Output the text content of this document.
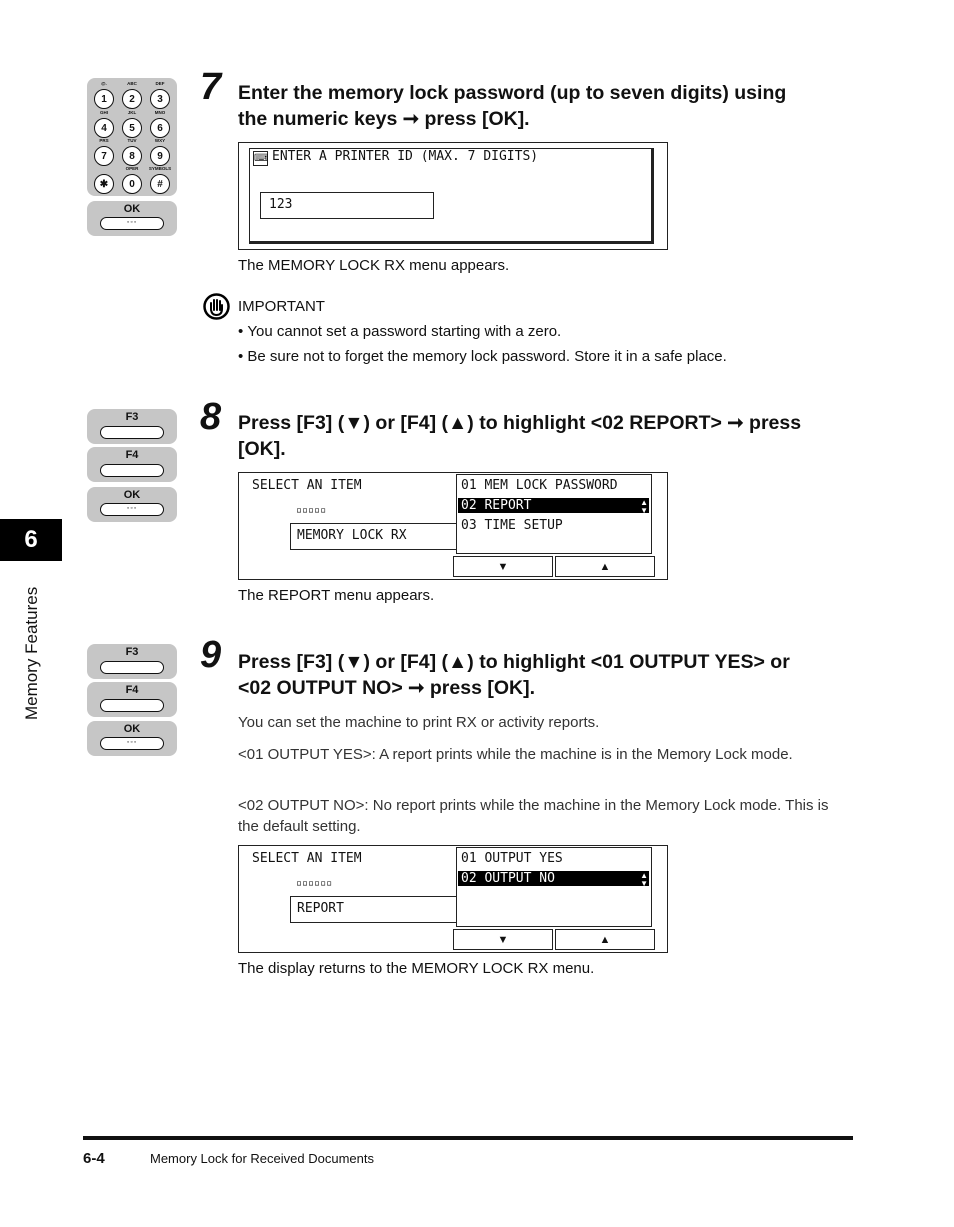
6
Memory Features
@.
1
ABC
2
DEF
3
GHI
4
JKL
5
MNO
6
PRS
7
TUV
8
WXY
9
✱
OPER
0
SYMBOLS
#
OK
◦◦◦
7 Enter the memory lock password (up to seven digits) using
the numeric keys ➞ press [OK].
⌨ ENTER A PRINTER ID (MAX. 7 DIGITS)
123
The MEMORY LOCK RX menu appears.
IMPORTANT
• You cannot set a password starting with a zero.
• Be sure not to forget the memory lock password. Store it in a safe place.
F3
F4
OK
◦◦◦
8 Press [F3] (▼) or [F4] (▲) to highlight <02 REPORT> ➞ press
[OK].
SELECT AN ITEM
▫▫▫▫▫
MEMORY LOCK RX
01 MEM LOCK PASSWORD
02 REPORT	▲
▼
03 TIME SETUP
▼	▲
The REPORT menu appears.
F3
F4
OK
◦◦◦
9 Press [F3] (▼) or [F4] (▲) to highlight <01 OUTPUT YES> or
<02 OUTPUT NO> ➞ press [OK].
You can set the machine to print RX or activity reports.
<01 OUTPUT YES>: A report prints while the machine is in the Memory Lock mode.
<02 OUTPUT NO>: No report prints while the machine in the Memory Lock mode. This is the default setting.
SELECT AN ITEM
▫▫▫▫▫▫
REPORT
01 OUTPUT YES
02 OUTPUT NO	▲
▼
▼	▲
The display returns to the MEMORY LOCK RX menu.
6-4	Memory Lock for Received Documents
